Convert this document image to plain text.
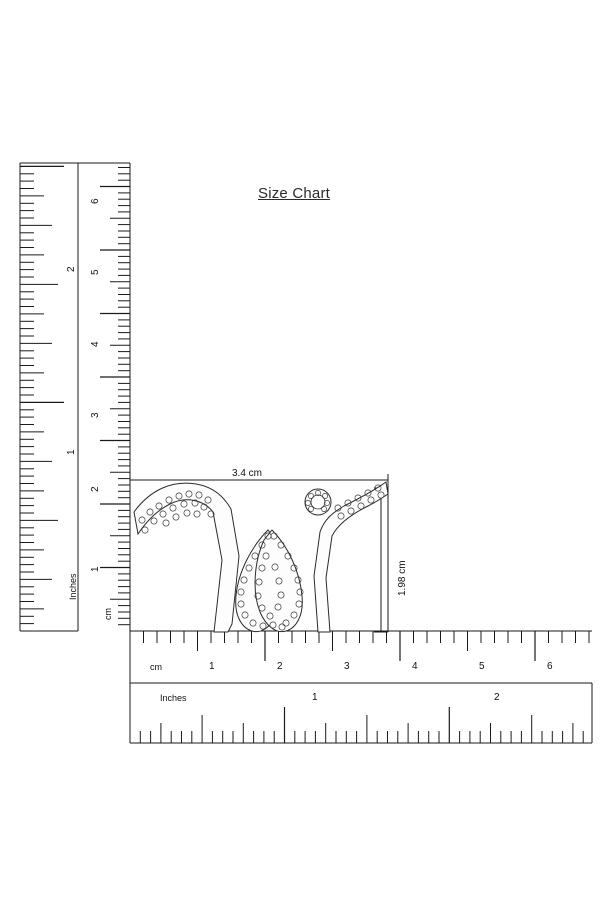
Size Chart
2
1
Inches
1
2
3
4
5
6
cm
1	2	3	4	5	6
cm
1	2
Inches
3.4 cm
1.98 cm
